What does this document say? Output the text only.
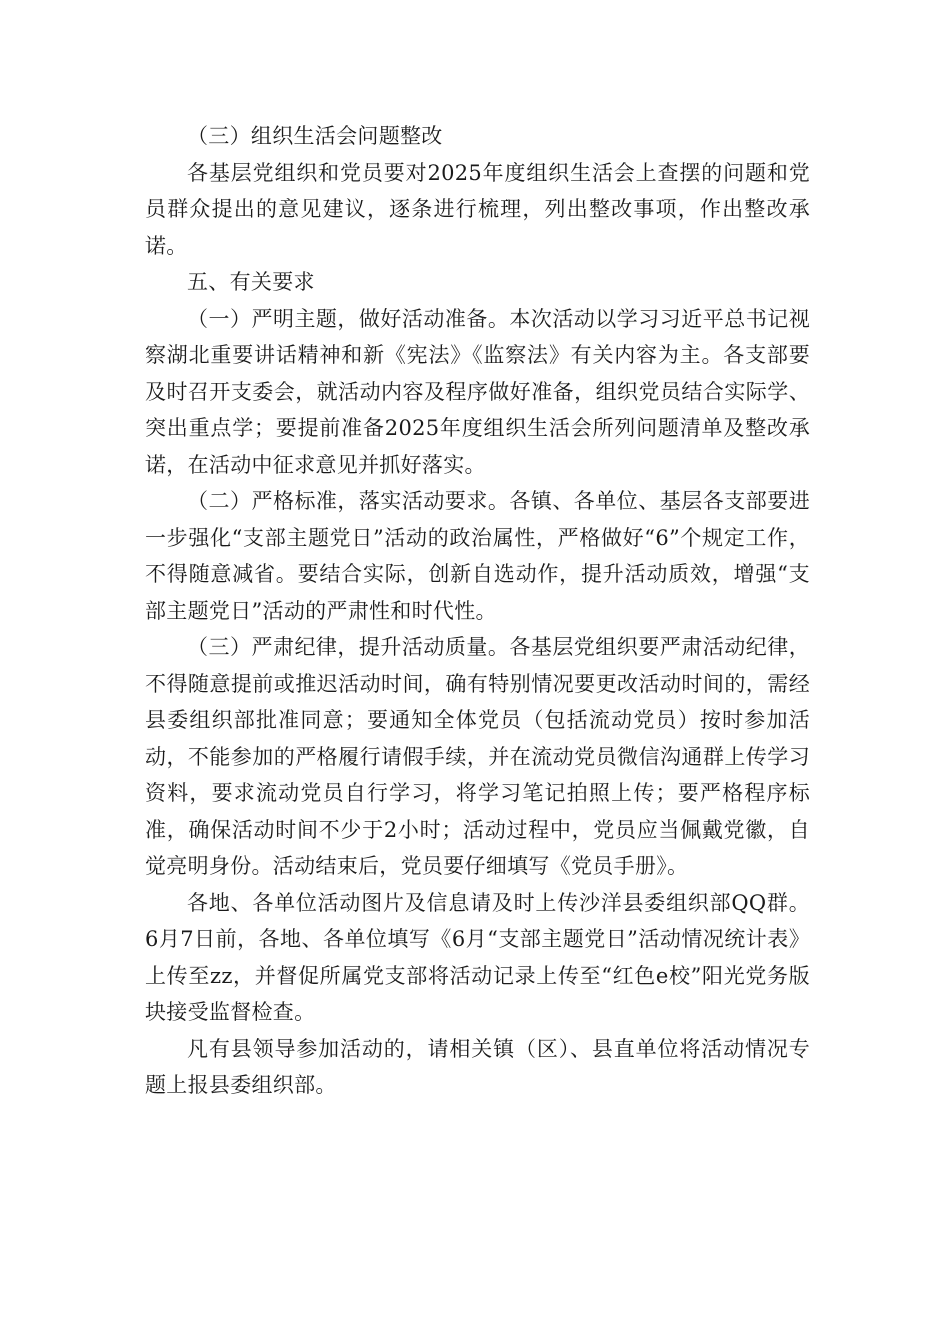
（三）组织生活会问题整改

各基层党组织和党员要对2025年度组织生活会上查摆的问题和党员群众提出的意见建议，逐条进行梳理，列出整改事项，作出整改承诺。

五、有关要求

（一）严明主题，做好活动准备。本次活动以学习习近平总书记视察湖北重要讲话精神和新《宪法》《监察法》有关内容为主。各支部要及时召开支委会，就活动内容及程序做好准备，组织党员结合实际学、突出重点学；要提前准备2025年度组织生活会所列问题清单及整改承诺，在活动中征求意见并抓好落实。

（二）严格标准，落实活动要求。各镇、各单位、基层各支部要进一步强化“支部主题党日”活动的政治属性，严格做好“6”个规定工作，不得随意减省。要结合实际，创新自选动作，提升活动质效，增强“支部主题党日”活动的严肃性和时代性。

（三）严肃纪律，提升活动质量。各基层党组织要严肃活动纪律，不得随意提前或推迟活动时间，确有特别情况要更改活动时间的，需经县委组织部批准同意；要通知全体党员（包括流动党员）按时参加活动，不能参加的严格履行请假手续，并在流动党员微信沟通群上传学习资料，要求流动党员自行学习，将学习笔记拍照上传；要严格程序标准，确保活动时间不少于2小时；活动过程中，党员应当佩戴党徽，自觉亮明身份。活动结束后，党员要仔细填写《党员手册》。

各地、各单位活动图片及信息请及时上传沙洋县委组织部QQ群。6月7日前，各地、各单位填写《6月“支部主题党日”活动情况统计表》上传至zz，并督促所属党支部将活动记录上传至“红色e校”阳光党务版块接受监督检查。

凡有县领导参加活动的，请相关镇（区）、县直单位将活动情况专题上报县委组织部。
